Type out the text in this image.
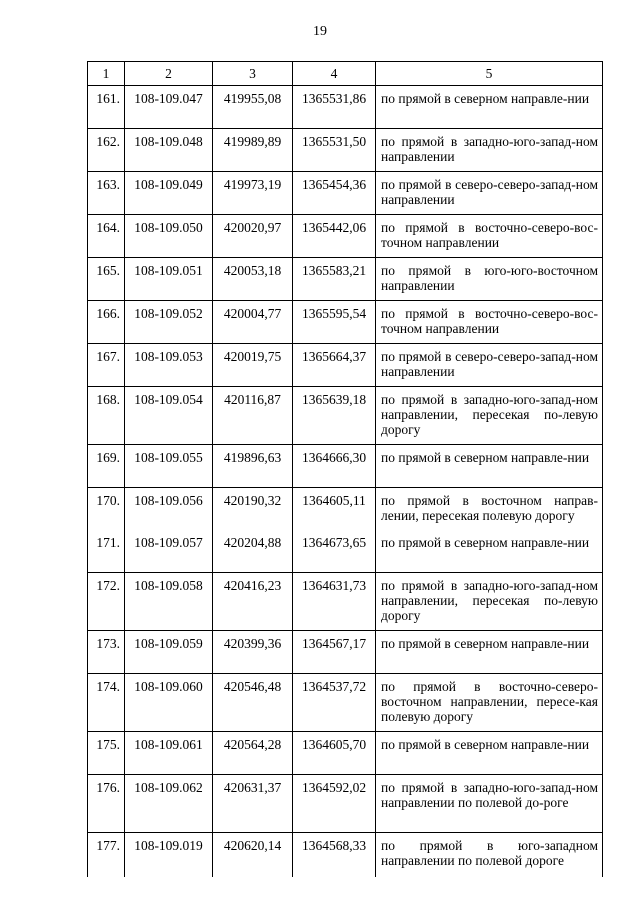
19
1	2	3	4	5
161.	108-109.047	419955,08	1365531,86	по прямой в северном направле-нии
162.	108-109.048	419989,89	1365531,50	по прямой в западно-юго-запад-ном направлении
163.	108-109.049	419973,19	1365454,36	по прямой в северо-северо-запад-ном направлении
164.	108-109.050	420020,97	1365442,06	по прямой в восточно-северо-вос-точном направлении
165.	108-109.051	420053,18	1365583,21	по прямой в юго-юго-восточном направлении
166.	108-109.052	420004,77	1365595,54	по прямой в восточно-северо-вос-точном направлении
167.	108-109.053	420019,75	1365664,37	по прямой в северо-северо-запад-ном направлении
168.	108-109.054	420116,87	1365639,18	по прямой в западно-юго-запад-ном направлении, пересекая по-левую дорогу
169.	108-109.055	419896,63	1364666,30	по прямой в северном направле-нии
170.	108-109.056	420190,32	1364605,11	по прямой в восточном направ-лении, пересекая полевую дорогу
171.	108-109.057	420204,88	1364673,65	по прямой в северном направле-нии
172.	108-109.058	420416,23	1364631,73	по прямой в западно-юго-запад-ном направлении, пересекая по-левую дорогу
173.	108-109.059	420399,36	1364567,17	по прямой в северном направле-нии
174.	108-109.060	420546,48	1364537,72	по прямой в восточно-северо-восточном направлении, пересе-кая полевую дорогу
175.	108-109.061	420564,28	1364605,70	по прямой в северном направле-нии
176.	108-109.062	420631,37	1364592,02	по прямой в западно-юго-запад-ном направлении по полевой до-роге
177.	108-109.019	420620,14	1364568,33	по прямой в юго-западном направлении по полевой дороге
